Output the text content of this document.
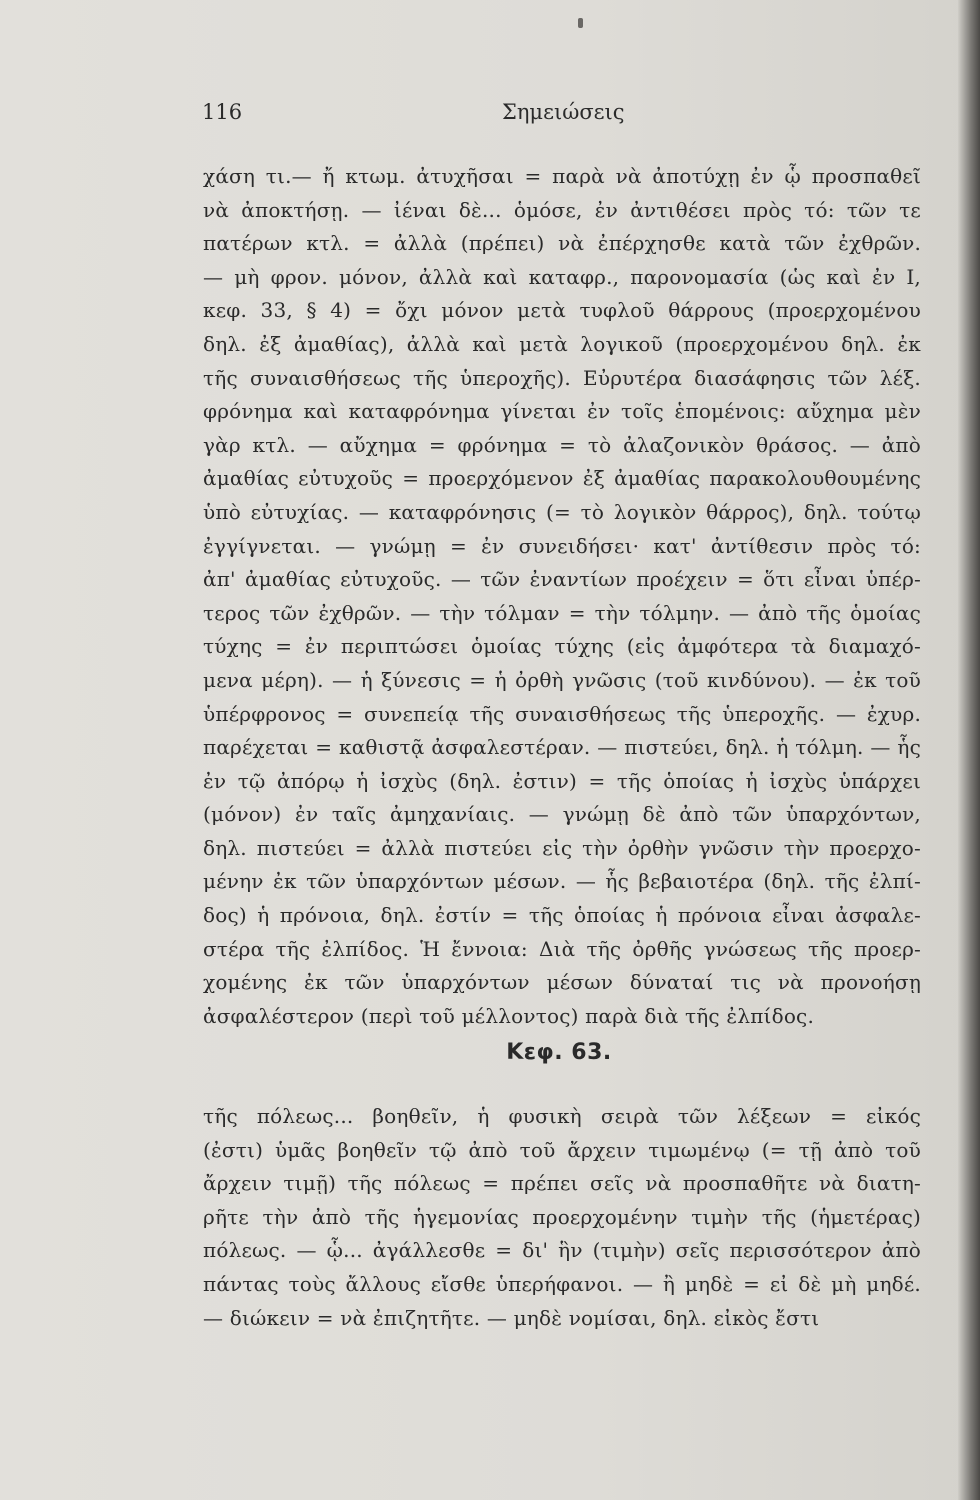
116	Σημειώσεις
χάση τι.— ἤ κτωμ. ἀτυχῆσαι = παρὰ νὰ ἀποτύχῃ ἐν ᾧ προσπαθεῖ
νὰ ἀποκτήσῃ. — ἰέναι δὲ... ὁμόσε, ἐν ἀντιθέσει πρὸς τό: τῶν τε
πατέρων κτλ. = ἀλλὰ (πρέπει) νὰ ἐπέρχησθε κατὰ τῶν ἐχθρῶν.
— μὴ φρον. μόνον, ἀλλὰ καὶ καταφρ., παρονομασία (ὡς καὶ ἐν Ι,
κεφ. 33, § 4) = ὄχι μόνον μετὰ τυφλοῦ θάρρους (προερχομένου
δηλ. ἐξ ἀμαθίας), ἀλλὰ καὶ μετὰ λογικοῦ (προερχομένου δηλ. ἐκ
τῆς συναισθήσεως τῆς ὑπεροχῆς). Εὐρυτέρα διασάφησις τῶν λέξ.
φρόνημα καὶ καταφρόνημα γίνεται ἐν τοῖς ἑπομένοις: αὔχημα μὲν
γὰρ κτλ. — αὔχημα = φρόνημα = τὸ ἀλαζονικὸν θράσος. — ἀπὸ
ἀμαθίας εὐτυχοῦς = προερχόμενον ἐξ ἀμαθίας παρακολουθουμένης
ὑπὸ εὐτυχίας. — καταφρόνησις (= τὸ λογικὸν θάρρος), δηλ. τούτῳ
ἐγγίγνεται. — γνώμῃ = ἐν συνειδήσει· κατ' ἀντίθεσιν πρὸς τό:
ἀπ' ἀμαθίας εὐτυχοῦς. — τῶν ἐναντίων προέχειν = ὅτι εἶναι ὑπέρ-
τερος τῶν ἐχθρῶν. — τὴν τόλμαν = τὴν τόλμην. — ἀπὸ τῆς ὁμοίας
τύχης = ἐν περιπτώσει ὁμοίας τύχης (εἰς ἀμφότερα τὰ διαμαχό-
μενα μέρη). — ἡ ξύνεσις = ἡ ὀρθὴ γνῶσις (τοῦ κινδύνου). — ἐκ τοῦ
ὑπέρφρονος = συνεπείᾳ τῆς συναισθήσεως τῆς ὑπεροχῆς. — ἐχυρ.
παρέχεται = καθιστᾷ ἀσφαλεστέραν. — πιστεύει, δηλ. ἡ τόλμη. — ἧς
ἐν τῷ ἀπόρῳ ἡ ἰσχὺς (δηλ. ἐστιν) = τῆς ὁποίας ἡ ἰσχὺς ὑπάρχει
(μόνον) ἐν ταῖς ἀμηχανίαις. — γνώμῃ δὲ ἀπὸ τῶν ὑπαρχόντων,
δηλ. πιστεύει = ἀλλὰ πιστεύει εἰς τὴν ὀρθὴν γνῶσιν τὴν προερχο-
μένην ἐκ τῶν ὑπαρχόντων μέσων. — ἧς βεβαιοτέρα (δηλ. τῆς ἐλπί-
δος) ἡ πρόνοια, δηλ. ἐστίν = τῆς ὁποίας ἡ πρόνοια εἶναι ἀσφαλε-
στέρα τῆς ἐλπίδος. Ἡ ἔννοια: Διὰ τῆς ὀρθῆς γνώσεως τῆς προερ-
χομένης ἐκ τῶν ὑπαρχόντων μέσων δύναταί τις νὰ προνοήσῃ
ἀσφαλέστερον (περὶ τοῦ μέλλοντος) παρὰ διὰ τῆς ἐλπίδος.
Κεφ. 63.
τῆς πόλεως... βοηθεῖν, ἡ φυσικὴ σειρὰ τῶν λέξεων = εἰκός
(ἐστι) ὑμᾶς βοηθεῖν τῷ ἀπὸ τοῦ ἄρχειν τιμωμένῳ (= τῇ ἀπὸ τοῦ
ἄρχειν τιμῇ) τῆς πόλεως = πρέπει σεῖς νὰ προσπαθῆτε νὰ διατη-
ρῆτε τὴν ἀπὸ τῆς ἡγεμονίας προερχομένην τιμὴν τῆς (ἡμετέρας)
πόλεως. — ᾧ... ἀγάλλεσθε = δι' ἣν (τιμὴν) σεῖς περισσότερον ἀπὸ
πάντας τοὺς ἄλλους εἴσθε ὑπερήφανοι. — ἢ μηδὲ = εἰ δὲ μὴ μηδέ.
— διώκειν = νὰ ἐπιζητῆτε. — μηδὲ νομίσαι, δηλ. εἰκὸς ἔστι
